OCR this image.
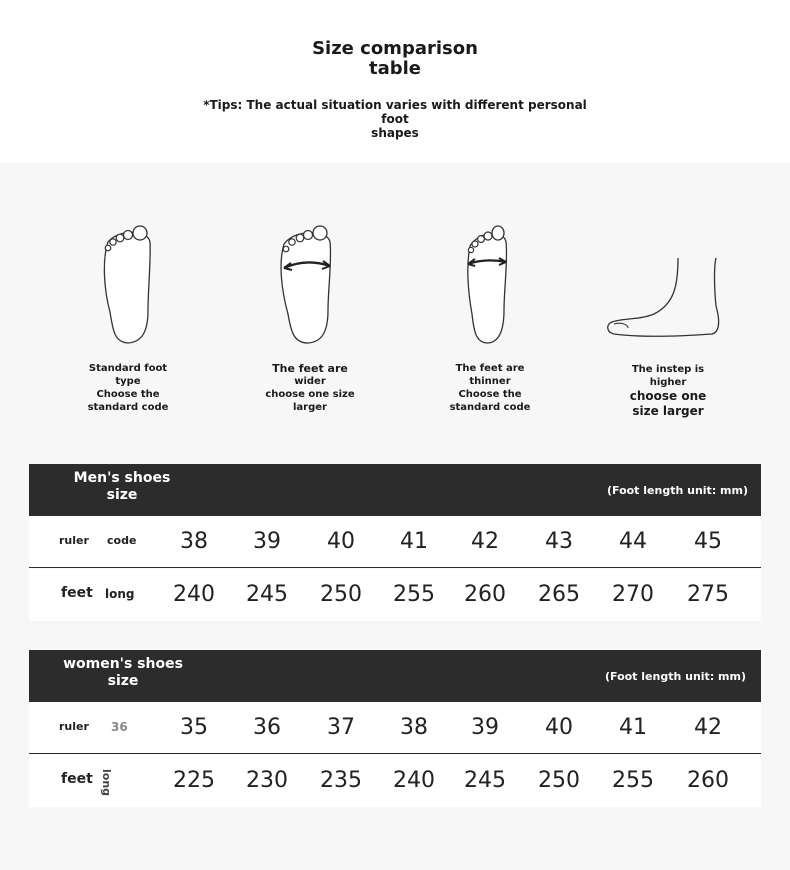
Size comparison
table
*Tips: The actual situation varies with different personal foot
shapes
Standard foot
type
Choose the
standard code
The feet are
wider
choose one size
larger
The feet are
thinner
Choose the
standard code
The instep is
higher
choose one
size larger
Men's shoes
size	(Foot length unit: mm)
ruler code	38	39	40	41	42	43	44	45
feet long	240	245	250	255	260	265	270	275
women's shoes
size	(Foot length unit: mm)
ruler 36	35	36	37	38	39	40	41	42
feet long	225	230	235	240	245	250	255	260
